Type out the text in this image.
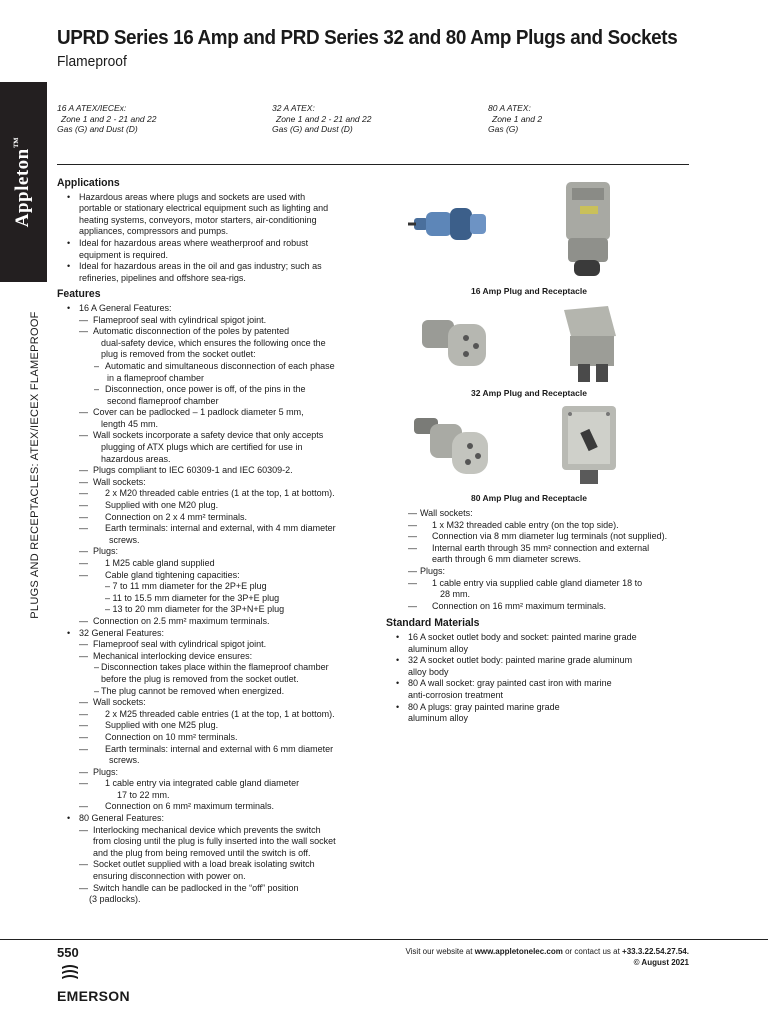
UPRD Series 16 Amp and PRD Series 32 and 80 Amp Plugs and Sockets
Flameproof
Appleton™
PLUGS AND RECEPTACLES: ATEX/IECEX FLAMEPROOF
16 A ATEX/IECEx:
Zone 1 and 2 - 21 and 22
Gas (G) and Dust (D)
32 A ATEX:
Zone 1 and 2 - 21 and 22
Gas (G) and Dust (D)
80 A ATEX:
Zone 1 and 2
Gas (G)
Applications
• Hazardous areas where plugs and sockets are used with
portable or stationary electrical equipment such as lighting and
heating systems, conveyors, motor starters, air-conditioning
appliances, compressors and pumps.
• Ideal for hazardous areas where weatherproof and robust
equipment is required.
• Ideal for hazardous areas in the oil and gas industry; such as
refineries, pipelines and offshore sea-rigs.
Features
• 16 A General Features:
— Flameproof seal with cylindrical spigot joint.
— Automatic disconnection of the poles by patented
dual-safety device, which ensures the following once the
plug is removed from the socket outlet:
– Automatic and simultaneous disconnection of each phase
in a flameproof chamber
– Disconnection, once power is off, of the pins in the
second flameproof chamber
— Cover can be padlocked – 1 padlock diameter 5 mm,
length 45 mm.
— Wall sockets incorporate a safety device that only accepts
plugging of ATX plugs which are certified for use in
hazardous areas.
— Plugs compliant to IEC 60309-1 and IEC 60309-2.
— Wall sockets:
— 2 x M20 threaded cable entries (1 at the top, 1 at bottom).
— Supplied with one M20 plug.
— Connection on 2 x 4 mm² terminals.
— Earth terminals: internal and external, with 4 mm diameter
screws.
— Plugs:
— 1 M25 cable gland supplied
— Cable gland tightening capacities:
– 7 to 11 mm diameter for the 2P+E plug
– 11 to 15.5 mm diameter for the 3P+E plug
– 13 to 20 mm diameter for the 3P+N+E plug
— Connection on 2.5 mm² maximum terminals.
• 32 General Features:
— Flameproof seal with cylindrical spigot joint.
— Mechanical interlocking device ensures:
– Disconnection takes place within the flameproof chamber
before the plug is removed from the socket outlet.
– The plug cannot be removed when energized.
— Wall sockets:
— 2 x M25 threaded cable entries (1 at the top, 1 at bottom).
— Supplied with one M25 plug.
— Connection on 10 mm² terminals.
— Earth terminals: internal and external with 6 mm diameter
screws.
— Plugs:
— 1 cable entry via integrated cable gland diameter
17 to 22 mm.
— Connection on 6 mm² maximum terminals.
• 80 General Features:
— Interlocking mechanical device which prevents the switch
from closing until the plug is fully inserted into the wall socket
and the plug from being removed until the switch is off.
— Socket outlet supplied with a load break isolating switch
ensuring disconnection with power on.
— Switch handle can be padlocked in the “off” position
(3 padlocks).
16 Amp Plug and Receptacle
32 Amp Plug and Receptacle
80 Amp Plug and Receptacle
— Wall sockets:
— 1 x M32 threaded cable entry (on the top side).
— Connection via 8 mm diameter lug terminals (not supplied).
— Internal earth through 35 mm² connection and external
earth through 6 mm diameter screws.
— Plugs:
— 1 cable entry via supplied cable gland diameter 18 to
28 mm.
— Connection on 16 mm² maximum terminals.
Standard Materials
• 16 A socket outlet body and socket: painted marine grade
aluminum alloy
• 32 A socket outlet body: painted marine grade aluminum
alloy body
• 80 A wall socket: gray painted cast iron with marine
anti-corrosion treatment
• 80 A plugs: gray painted marine grade
aluminum alloy
550	Visit our website at www.appletonelec.com or contact us at +33.3.22.54.27.54.
© August 2021
EMERSON
